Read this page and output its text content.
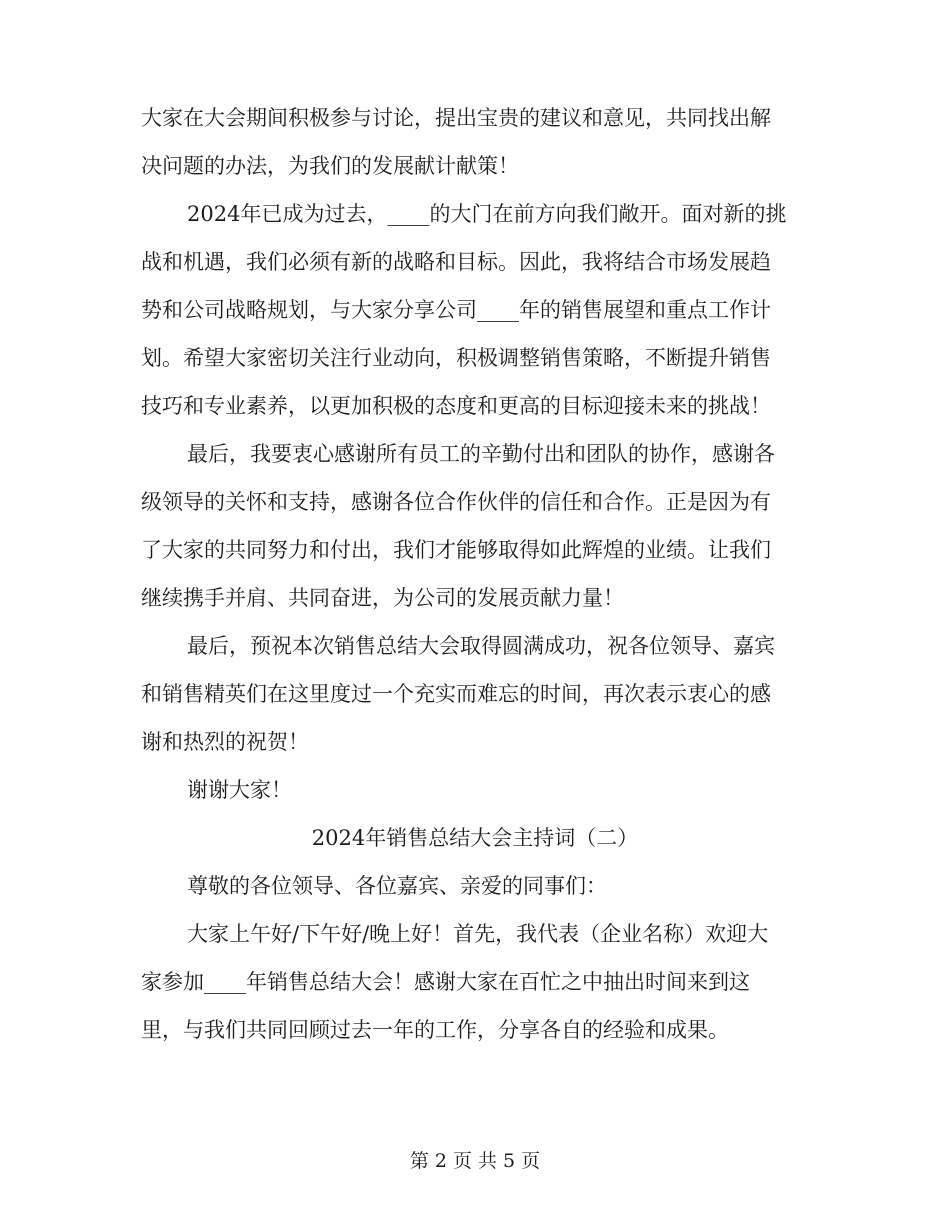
大家在大会期间积极参与讨论，提出宝贵的建议和意见，共同找出解
决问题的办法，为我们的发展献计献策！
2024年已成为过去，____的大门在前方向我们敞开。面对新的挑
战和机遇，我们必须有新的战略和目标。因此，我将结合市场发展趋
势和公司战略规划，与大家分享公司____年的销售展望和重点工作计
划。希望大家密切关注行业动向，积极调整销售策略，不断提升销售
技巧和专业素养，以更加积极的态度和更高的目标迎接未来的挑战！
最后，我要衷心感谢所有员工的辛勤付出和团队的协作，感谢各
级领导的关怀和支持，感谢各位合作伙伴的信任和合作。正是因为有
了大家的共同努力和付出，我们才能够取得如此辉煌的业绩。让我们
继续携手并肩、共同奋进，为公司的发展贡献力量！
最后，预祝本次销售总结大会取得圆满成功，祝各位领导、嘉宾
和销售精英们在这里度过一个充实而难忘的时间，再次表示衷心的感
谢和热烈的祝贺！
谢谢大家！
2024年销售总结大会主持词（二）
尊敬的各位领导、各位嘉宾、亲爱的同事们：
大家上午好/下午好/晚上好！首先，我代表（企业名称）欢迎大
家参加____年销售总结大会！感谢大家在百忙之中抽出时间来到这
里，与我们共同回顾过去一年的工作，分享各自的经验和成果。
第 2 页 共 5 页
